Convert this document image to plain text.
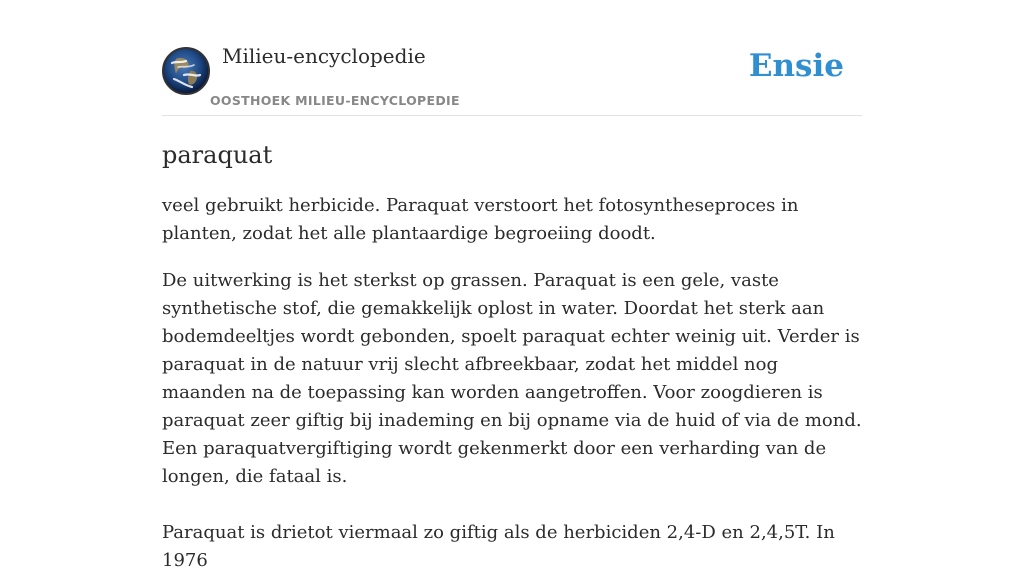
Milieu-encyclopedie
OOSTHOEK MILIEU-ENCYCLOPEDIE
Ensie
paraquat

veel gebruikt herbicide. Paraquat verstoort het fotosyntheseproces in planten, zodat het alle plantaardige begroeiing doodt.

De uitwerking is het sterkst op grassen. Paraquat is een gele, vaste synthetische stof, die gemakkelijk oplost in water. Doordat het sterk aan bodemdeeltjes wordt gebonden, spoelt paraquat echter weinig uit. Verder is paraquat in de natuur vrij slecht afbreekbaar, zodat het middel nog maanden na de toepassing kan worden aangetroffen. Voor zoogdieren is paraquat zeer giftig bij inademing en bij opname via de huid of via de mond. Een paraquatvergiftiging wordt gekenmerkt door een verharding van de longen, die fataal is.

Paraquat is drietot viermaal zo giftig als de herbiciden 2,4-D en 2,4,5T. In 1976
